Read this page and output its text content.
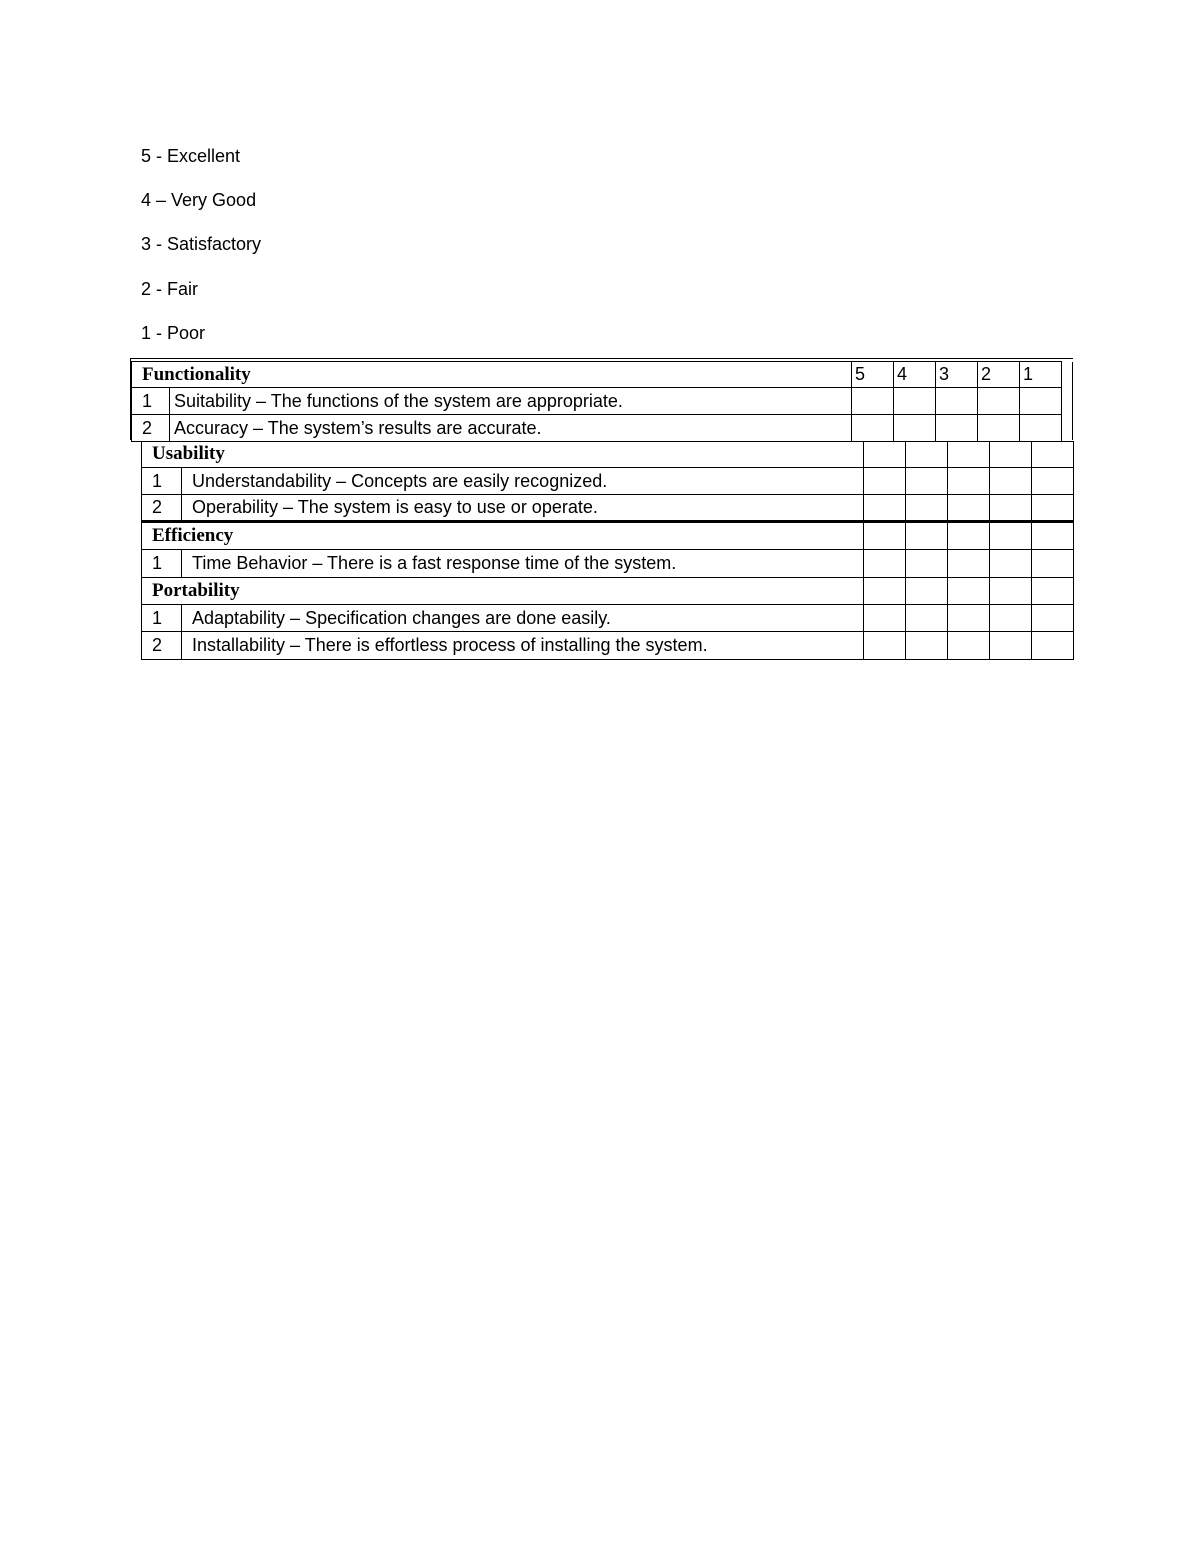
5 - Excellent
4 – Very Good
3 - Satisfactory
2 - Fair
1 - Poor
Functionality		5	4	3	2	1
1	Suitability – The functions of the system are appropriate.					
2	Accuracy – The system’s results are accurate.					
Usability						
1	Understandability – Concepts are easily recognized.					
2	Operability – The system is easy to use or operate.					
Efficiency						
1	Time Behavior – There is a fast response time of the system.					
Portability						
1	Adaptability – Specification changes are done easily.					
2	Installability – There is effortless process of installing the system.					
